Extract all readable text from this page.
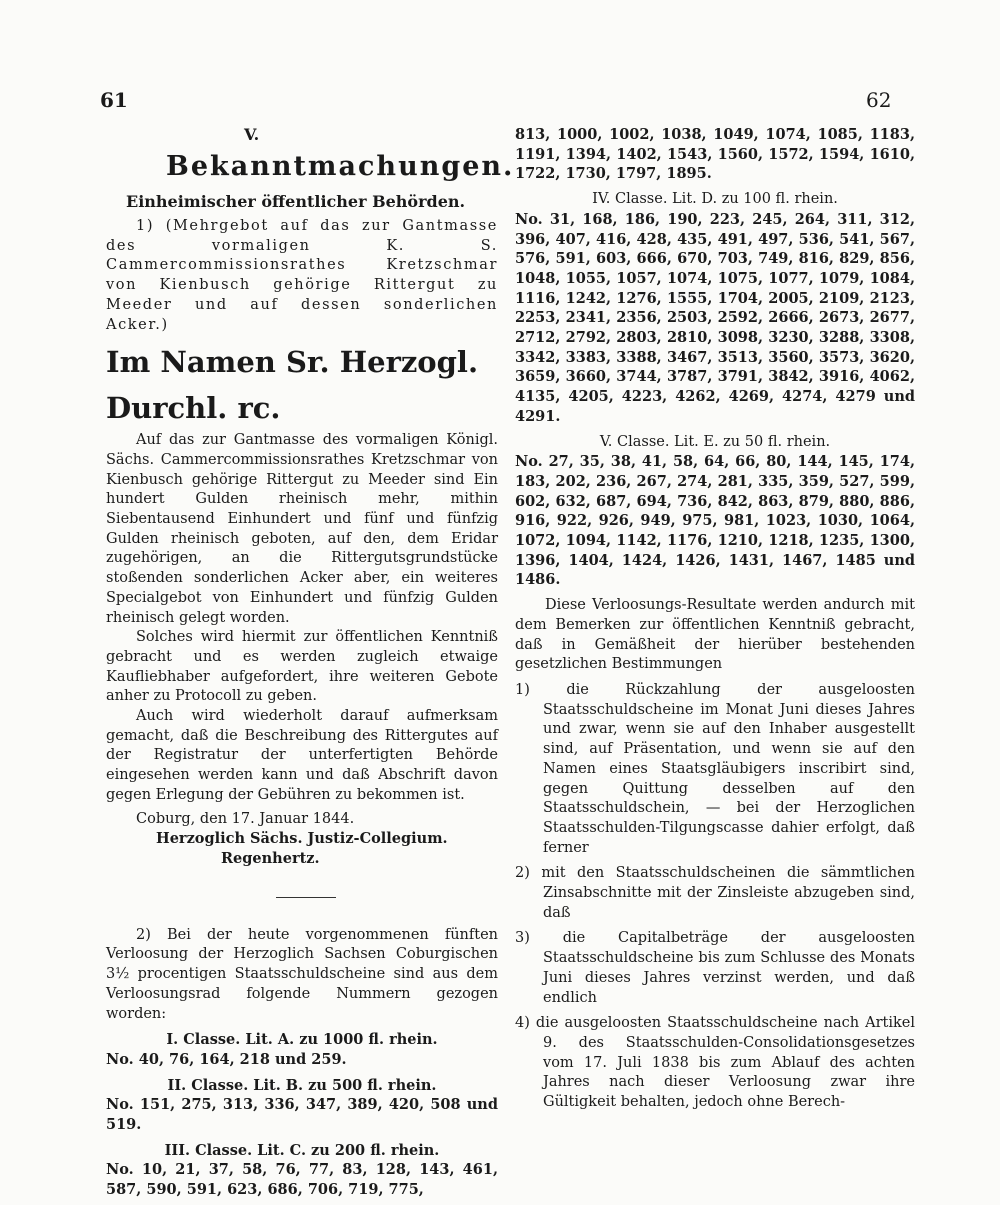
61	62
V.
Bekanntmachungen.
Einheimischer öffentlicher Behörden.
1) (Mehrgebot auf das zur Gantmasse des vormaligen K. S. Cammercommissionsrathes Kretzschmar von Kienbusch gehörige Rittergut zu Meeder und auf dessen sonderlichen Acker.)
Im Namen Sr. Herzogl. Durchl. rc.
Auf das zur Gantmasse des vormaligen Königl. Sächs. Cammercommissionsrathes Kretzschmar von Kienbusch gehörige Rittergut zu Meeder sind Ein hundert Gulden rheinisch mehr, mithin Siebentausend Einhundert und fünf und fünfzig Gulden rheinisch geboten, auf den, dem Eridar zugehörigen, an die Rittergutsgrundstücke stoßenden sonderlichen Acker aber, ein weiteres Specialgebot von Einhundert und fünfzig Gulden rheinisch gelegt worden.
Solches wird hiermit zur öffentlichen Kenntniß gebracht und es werden zugleich etwaige Kaufliebhaber aufgefordert, ihre weiteren Gebote anher zu Protocoll zu geben.
Auch wird wiederholt darauf aufmerksam gemacht, daß die Beschreibung des Rittergutes auf der Registratur der unterfertigten Behörde eingesehen werden kann und daß Abschrift davon gegen Erlegung der Gebühren zu bekommen ist.
Coburg, den 17. Januar 1844.
Herzoglich Sächs. Justiz-Collegium.
Regenhertz.
2) Bei der heute vorgenommenen fünften Verloosung der Herzoglich Sachsen Coburgischen 3½ procentigen Staatsschuldscheine sind aus dem Verloosungsrad folgende Nummern gezogen worden:
I. Classe. Lit. A. zu 1000 fl. rhein.
No. 40, 76, 164, 218 und 259.
II. Classe. Lit. B. zu 500 fl. rhein.
No. 151, 275, 313, 336, 347, 389, 420, 508 und 519.
III. Classe. Lit. C. zu 200 fl. rhein.
No. 10, 21, 37, 58, 76, 77, 83, 128, 143, 461, 587, 590, 591, 623, 686, 706, 719, 775,
813, 1000, 1002, 1038, 1049, 1074, 1085, 1183, 1191, 1394, 1402, 1543, 1560, 1572, 1594, 1610, 1722, 1730, 1797, 1895.
IV. Classe. Lit. D. zu 100 fl. rhein.
No. 31, 168, 186, 190, 223, 245, 264, 311, 312, 396, 407, 416, 428, 435, 491, 497, 536, 541, 567, 576, 591, 603, 666, 670, 703, 749, 816, 829, 856, 1048, 1055, 1057, 1074, 1075, 1077, 1079, 1084, 1116, 1242, 1276, 1555, 1704, 2005, 2109, 2123, 2253, 2341, 2356, 2503, 2592, 2666, 2673, 2677, 2712, 2792, 2803, 2810, 3098, 3230, 3288, 3308, 3342, 3383, 3388, 3467, 3513, 3560, 3573, 3620, 3659, 3660, 3744, 3787, 3791, 3842, 3916, 4062, 4135, 4205, 4223, 4262, 4269, 4274, 4279 und 4291.
V. Classe. Lit. E. zu 50 fl. rhein.
No. 27, 35, 38, 41, 58, 64, 66, 80, 144, 145, 174, 183, 202, 236, 267, 274, 281, 335, 359, 527, 599, 602, 632, 687, 694, 736, 842, 863, 879, 880, 886, 916, 922, 926, 949, 975, 981, 1023, 1030, 1064, 1072, 1094, 1142, 1176, 1210, 1218, 1235, 1300, 1396, 1404, 1424, 1426, 1431, 1467, 1485 und 1486.
Diese Verloosungs-Resultate werden andurch mit dem Bemerken zur öffentlichen Kenntniß gebracht, daß in Gemäßheit der hierüber bestehenden gesetzlichen Bestimmungen
1) die Rückzahlung der ausgeloosten Staatsschuldscheine im Monat Juni dieses Jahres und zwar, wenn sie auf den Inhaber ausgestellt sind, auf Präsentation, und wenn sie auf den Namen eines Staatsgläubigers inscribirt sind, gegen Quittung desselben auf den Staatsschuldschein, — bei der Herzoglichen Staatsschulden-Tilgungscasse dahier erfolgt, daß ferner
2) mit den Staatsschuldscheinen die sämmtlichen Zinsabschnitte mit der Zinsleiste abzugeben sind, daß
3) die Capitalbeträge der ausgeloosten Staatsschuldscheine bis zum Schlusse des Monats Juni dieses Jahres verzinst werden, und daß endlich
4) die ausgeloosten Staatsschuldscheine nach Artikel 9. des Staatsschulden-Consolidationsgesetzes vom 17. Juli 1838 bis zum Ablauf des achten Jahres nach dieser Verloosung zwar ihre Gültigkeit behalten, jedoch ohne Berech-
